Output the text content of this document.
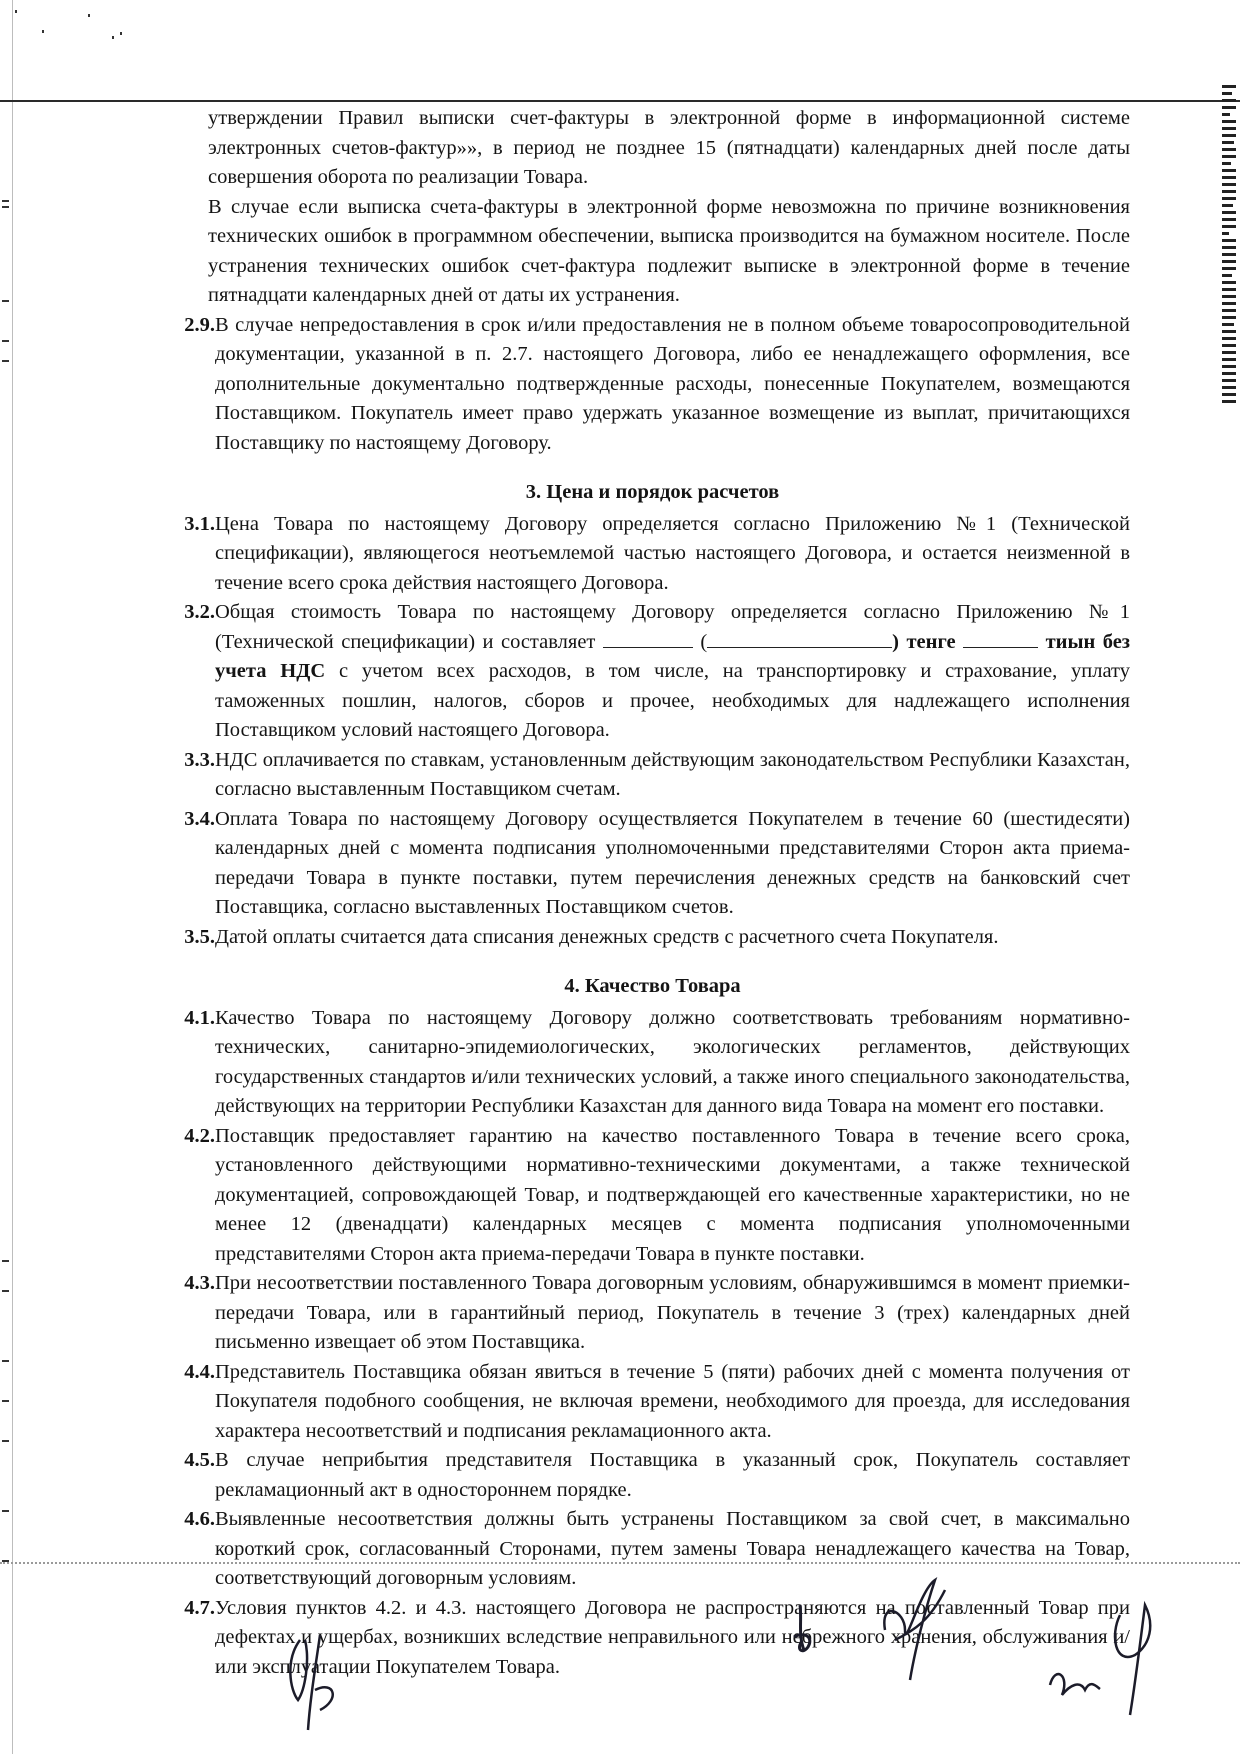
утверждении Правил выписки счет-фактуры в электронной форме в информационной системе электронных счетов-фактур»», в период не позднее 15 (пятнадцати) календарных дней после даты совершения оборота по реализации Товара.

В случае если выписка счета-фактуры в электронной форме невозможна по причине возникновения технических ошибок в программном обеспечении, выписка производится на бумажном носителе. После устранения технических ошибок счет-фактура подлежит выписке в электронной форме в течение пятнадцати календарных дней от даты их устранения.

2.9. В случае непредоставления в срок и/или предоставления не в полном объеме товаросопроводительной документации, указанной в п. 2.7. настоящего Договора, либо ее ненадлежащего оформления, все дополнительные документально подтвержденные расходы, понесенные Покупателем, возмещаются Поставщиком. Покупатель имеет право удержать указанное возмещение из выплат, причитающихся Поставщику по настоящему Договору.
3. Цена и порядок расчетов
3.1. Цена Товара по настоящему Договору определяется согласно Приложению №1 (Технической спецификации), являющегося неотъемлемой частью настоящего Договора, и остается неизменной в течение всего срока действия настоящего Договора.
3.2. Общая стоимость Товара по настоящему Договору определяется согласно Приложению №1 (Технической спецификации) и составляет	(	) тенге	тиын без учета НДС с учетом всех расходов, в том числе, на транспортировку и страхование, уплату таможенных пошлин, налогов, сборов и прочее, необходимых для надлежащего исполнения Поставщиком условий настоящего Договора.
3.3. НДС оплачивается по ставкам, установленным действующим законодательством Республики Казахстан, согласно выставленным Поставщиком счетам.
3.4. Оплата Товара по настоящему Договору осуществляется Покупателем в течение 60 (шестидесяти) календарных дней с момента подписания уполномоченными представителями Сторон акта приема-передачи Товара в пункте поставки, путем перечисления денежных средств на банковский счет Поставщика, согласно выставленных Поставщиком счетов.
3.5. Датой оплаты считается дата списания денежных средств с расчетного счета Покупателя.
4. Качество Товара
4.1. Качество Товара по настоящему Договору должно соответствовать требованиям нормативно-технических, санитарно-эпидемиологических, экологических регламентов, действующих государственных стандартов и/или технических условий, а также иного специального законодательства, действующих на территории Республики Казахстан для данного вида Товара на момент его поставки.
4.2. Поставщик предоставляет гарантию на качество поставленного Товара в течение всего срока, установленного действующими нормативно-техническими документами, а также технической документацией, сопровождающей Товар, и подтверждающей его качественные характеристики, но не менее 12 (двенадцати) календарных месяцев с момента подписания уполномоченными представителями Сторон акта приема-передачи Товара в пункте поставки.
4.3. При несоответствии поставленного Товара договорным условиям, обнаружившимся в момент приемки-передачи Товара, или в гарантийный период, Покупатель в течение 3 (трех) календарных дней письменно извещает об этом Поставщика.
4.4. Представитель Поставщика обязан явиться в течение 5 (пяти) рабочих дней с момента получения от Покупателя подобного сообщения, не включая времени, необходимого для проезда, для исследования характера несоответствий и подписания рекламационного акта.
4.5. В случае неприбытия представителя Поставщика в указанный срок, Покупатель составляет рекламационный акт в одностороннем порядке.
4.6. Выявленные несоответствия должны быть устранены Поставщиком за свой счет, в максимально короткий срок, согласованный Сторонами, путем замены Товара ненадлежащего качества на Товар, соответствующий договорным условиям.
4.7. Условия пунктов 4.2. и 4.3. настоящего Договора не распространяются на поставленный Товар при дефектах и ущербах, возникших вследствие неправильного или небрежного хранения, обслуживания и/или эксплуатации Покупателем Товара.
